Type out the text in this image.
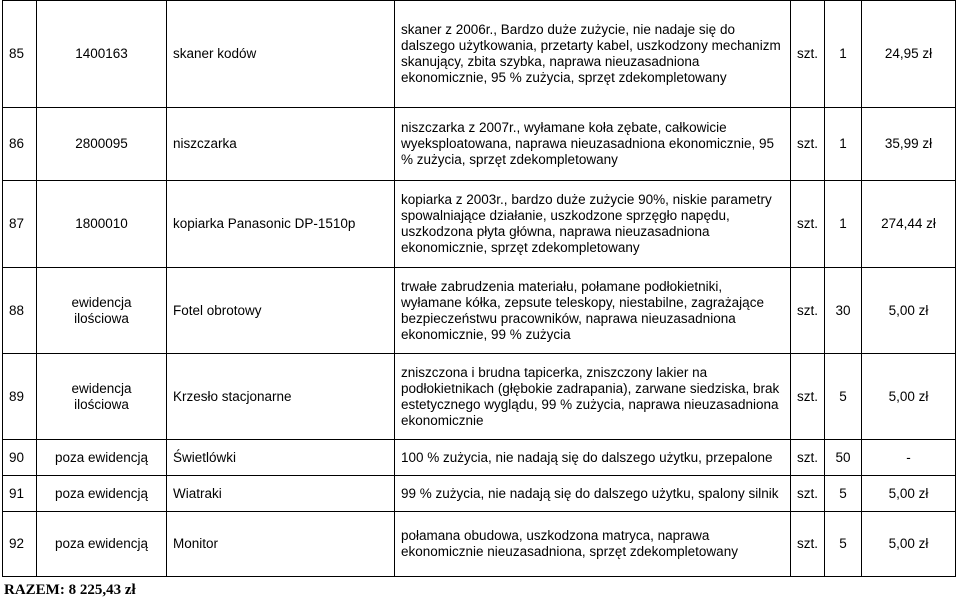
85	1400163	skaner kodów	skaner z 2006r., Bardzo duże zużycie, nie nadaje się do dalszego użytkowania, przetarty kabel, uszkodzony mechanizm skanujący, zbita szybka, naprawa nieuzasadniona ekonomicznie, 95 % zużycia, sprzęt zdekompletowany	szt.	1	24,95 zł
86	2800095	niszczarka	niszczarka z 2007r., wyłamane koła zębate, całkowicie wyeksploatowana, naprawa nieuzasadniona ekonomicznie, 95 % zużycia, sprzęt zdekompletowany	szt.	1	35,99 zł
87	1800010	kopiarka Panasonic DP-1510p	kopiarka z 2003r., bardzo duże zużycie 90%, niskie parametry spowalniające działanie, uszkodzone sprzęgło napędu, uszkodzona płyta główna, naprawa nieuzasadniona ekonomicznie, sprzęt zdekompletowany	szt.	1	274,44 zł
88	ewidencja ilościowa	Fotel obrotowy	trwałe zabrudzenia materiału, połamane podłokietniki, wyłamane kółka, zepsute teleskopy, niestabilne, zagrażające bezpieczeństwu pracowników, naprawa nieuzasadniona ekonomicznie, 99 % zużycia	szt.	30	5,00 zł
89	ewidencja ilościowa	Krzesło stacjonarne	zniszczona i brudna tapicerka, zniszczony lakier na podłokietnikach (głębokie zadrapania), zarwane siedziska, brak estetycznego wyglądu, 99 % zużycia, naprawa nieuzasadniona ekonomicznie	szt.	5	5,00 zł
90	poza ewidencją	Świetlówki	100 % zużycia, nie nadają się do dalszego użytku, przepalone	szt.	50	-
91	poza ewidencją	Wiatraki	99 % zużycia, nie nadają się do dalszego użytku, spalony silnik	szt.	5	5,00 zł
92	poza ewidencją	Monitor	połamana obudowa, uszkodzona matryca, naprawa ekonomicznie nieuzasadniona, sprzęt zdekompletowany	szt.	5	5,00 zł
RAZEM: 8 225,43 zł
